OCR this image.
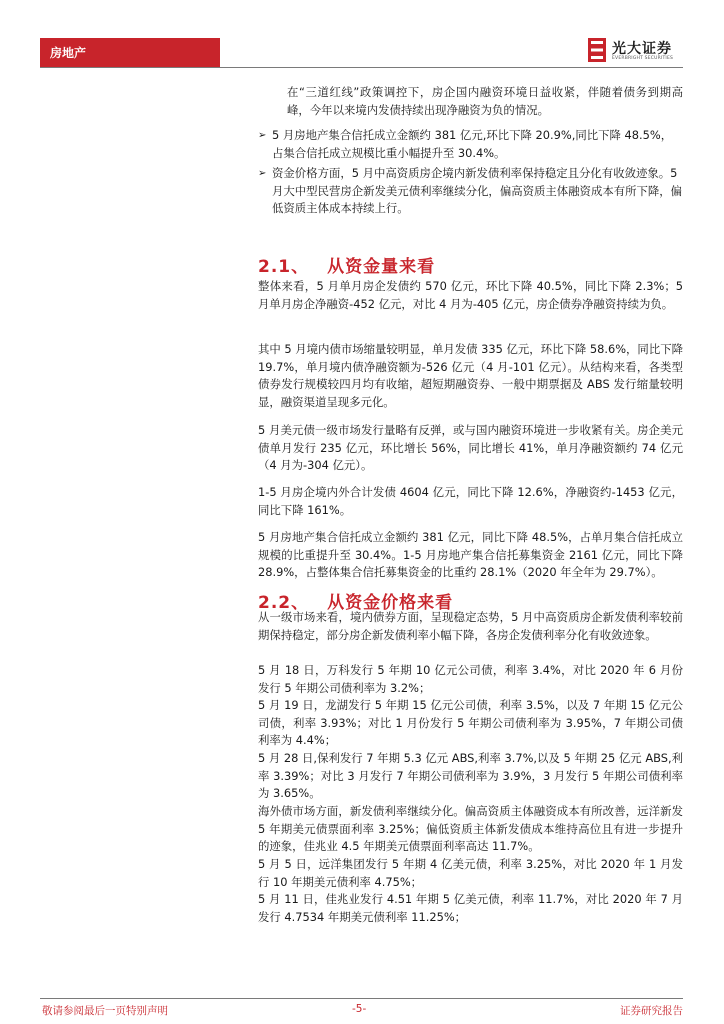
房地产	光大证券
EVERBRIGHT SECURITIES
在“三道红线”政策调控下，房企国内融资环境日益收紧，伴随着债务到期高峰，今年以来境内发债持续出现净融资为负的情况。
➢ 5 月房地产集合信托成立金额约 381 亿元,环比下降 20.9%,同比下降 48.5%，占集合信托成立规模比重小幅提升至 30.4%。
➢ 资金价格方面，5 月中高资质房企境内新发债利率保持稳定且分化有收敛迹象。5 月大中型民营房企新发美元债利率继续分化，偏高资质主体融资成本有所下降，偏低资质主体成本持续上行。
2.1、 从资金量来看
整体来看，5 月单月房企发债约 570 亿元，环比下降 40.5%，同比下降 2.3%；5 月单月房企净融资-452 亿元，对比 4 月为-405 亿元，房企债券净融资持续为负。
其中 5 月境内债市场缩量较明显，单月发债 335 亿元，环比下降 58.6%，同比下降 19.7%，单月境内债净融资额为-526 亿元（4 月-101 亿元）。从结构来看，各类型债券发行规模较四月均有收缩，超短期融资券、一般中期票据及 ABS 发行缩量较明显，融资渠道呈现多元化。
5 月美元债一级市场发行量略有反弹，或与国内融资环境进一步收紧有关。房企美元债单月发行 235 亿元，环比增长 56%，同比增长 41%，单月净融资额约 74 亿元（4 月为-304 亿元）。
1-5 月房企境内外合计发债 4604 亿元，同比下降 12.6%，净融资约-1453 亿元，同比下降 161%。
5 月房地产集合信托成立金额约 381 亿元，同比下降 48.5%，占单月集合信托成立规模的比重提升至 30.4%。1-5 月房地产集合信托募集资金 2161 亿元，同比下降 28.9%，占整体集合信托募集资金的比重约 28.1%（2020 年全年为 29.7%）。
2.2、 从资金价格来看
从一级市场来看，境内债券方面，呈现稳定态势，5 月中高资质房企新发债利率较前期保持稳定，部分房企新发债利率小幅下降，各房企发债利率分化有收敛迹象。
5 月 18 日，万科发行 5 年期 10 亿元公司债，利率 3.4%，对比 2020 年 6 月份发行 5 年期公司债利率为 3.2%；
5 月 19 日，龙湖发行 5 年期 15 亿元公司债，利率 3.5%，以及 7 年期 15 亿元公司债，利率 3.93%；对比 1 月份发行 5 年期公司债利率为 3.95%，7 年期公司债利率为 4.4%；
5 月 28 日,保利发行 7 年期 5.3 亿元 ABS,利率 3.7%,以及 5 年期 25 亿元 ABS,利率 3.39%；对比 3 月发行 7 年期公司债利率为 3.9%，3 月发行 5 年期公司债利率为 3.65%。
海外债市场方面，新发债利率继续分化。偏高资质主体融资成本有所改善，远洋新发 5 年期美元债票面利率 3.25%；偏低资质主体新发债成本维持高位且有进一步提升的迹象，佳兆业 4.5 年期美元债票面利率高达 11.7%。
5 月 5 日，远洋集团发行 5 年期 4 亿美元债，利率 3.25%，对比 2020 年 1 月发行 10 年期美元债利率 4.75%；
5 月 11 日，佳兆业发行 4.51 年期 5 亿美元债，利率 11.7%，对比 2020 年 7 月发行 4.7534 年期美元债利率 11.25%；
敬请参阅最后一页特别声明	-5-	证券研究报告
